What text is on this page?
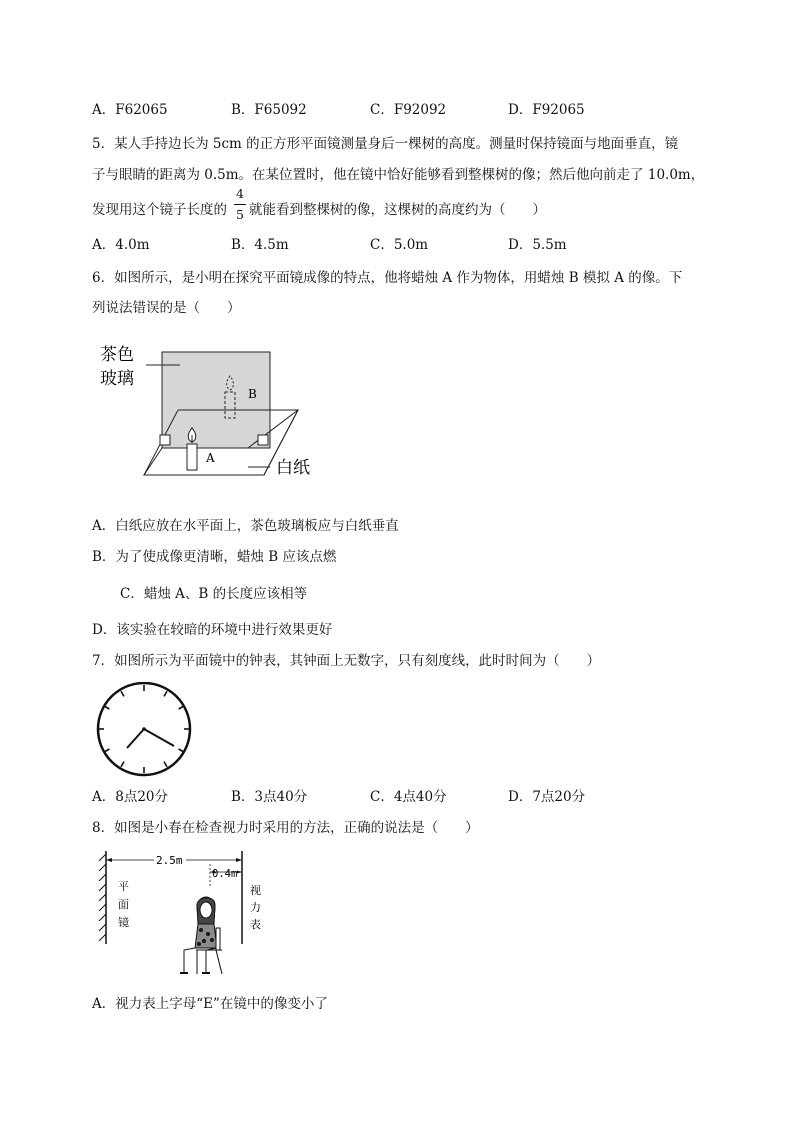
A．F62065	B．F65092	C．F92092	D．F92065
5．某人手持边长为 5cm 的正方形平面镜测量身后一棵树的高度。测量时保持镜面与地面垂直，镜
子与眼睛的距离为 0.5m。在某位置时，他在镜中恰好能够看到整棵树的像；然后他向前走了 10.0m，
发现用这个镜子长度的
4
5 就能看到整棵树的像，这棵树的高度约为（　　）
A．4.0m	B．4.5m	C．5.0m	D．5.5m
6．如图所示，是小明在探究平面镜成像的特点，他将蜡烛 A 作为物体，用蜡烛 B 模拟 A 的像。下
列说法错误的是（　　）
茶色
玻璃
白纸
A
B
A．白纸应放在水平面上，茶色玻璃板应与白纸垂直
B．为了使成像更清晰，蜡烛 B 应该点燃
C．蜡烛 A、B 的长度应该相等
D．该实验在较暗的环境中进行效果更好
7．如图所示为平面镜中的钟表，其钟面上无数字，只有刻度线，此时时间为（　　）
A．8点20分	B．3点40分	C．4点40分	D．7点20分
8．如图是小春在检查视力时采用的方法，正确的说法是（　　）
2.5m
0.4m
平
面
镜
视
力
表
A．视力表上字母“E”在镜中的像变小了
